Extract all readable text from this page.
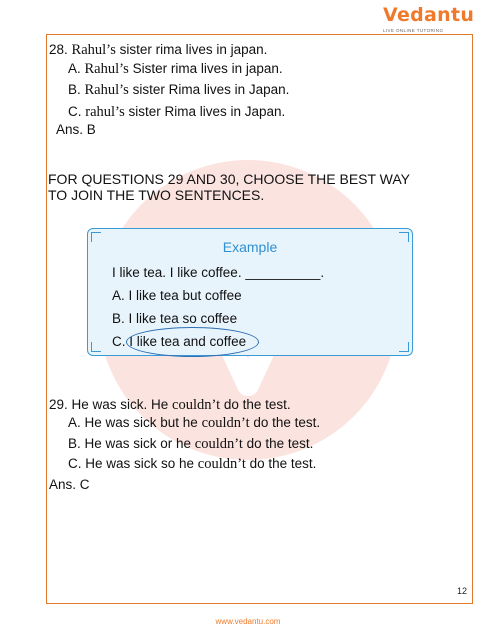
Vedantu
LIVE ONLINE TUTORING
28. Rahul’s sister rima lives in japan.
A. Rahul’s Sister rima lives in japan.
B. Rahul’s sister Rima lives in Japan.
C. rahul’s sister Rima lives in Japan.
Ans. B
FOR QUESTIONS 29 AND 30, CHOOSE THE BEST WAY
TO JOIN THE TWO SENTENCES.
Example
I like tea. I like coffee. __________.
A. I like tea but coffee
B. I like tea so coffee
C. I like tea and coffee
29. He was sick. He couldn’t do the test.
A. He was sick but he couldn’t do the test.
B. He was sick or he couldn’t do the test.
C. He was sick so he couldn’t do the test.
Ans. C
12
www.vedantu.com
